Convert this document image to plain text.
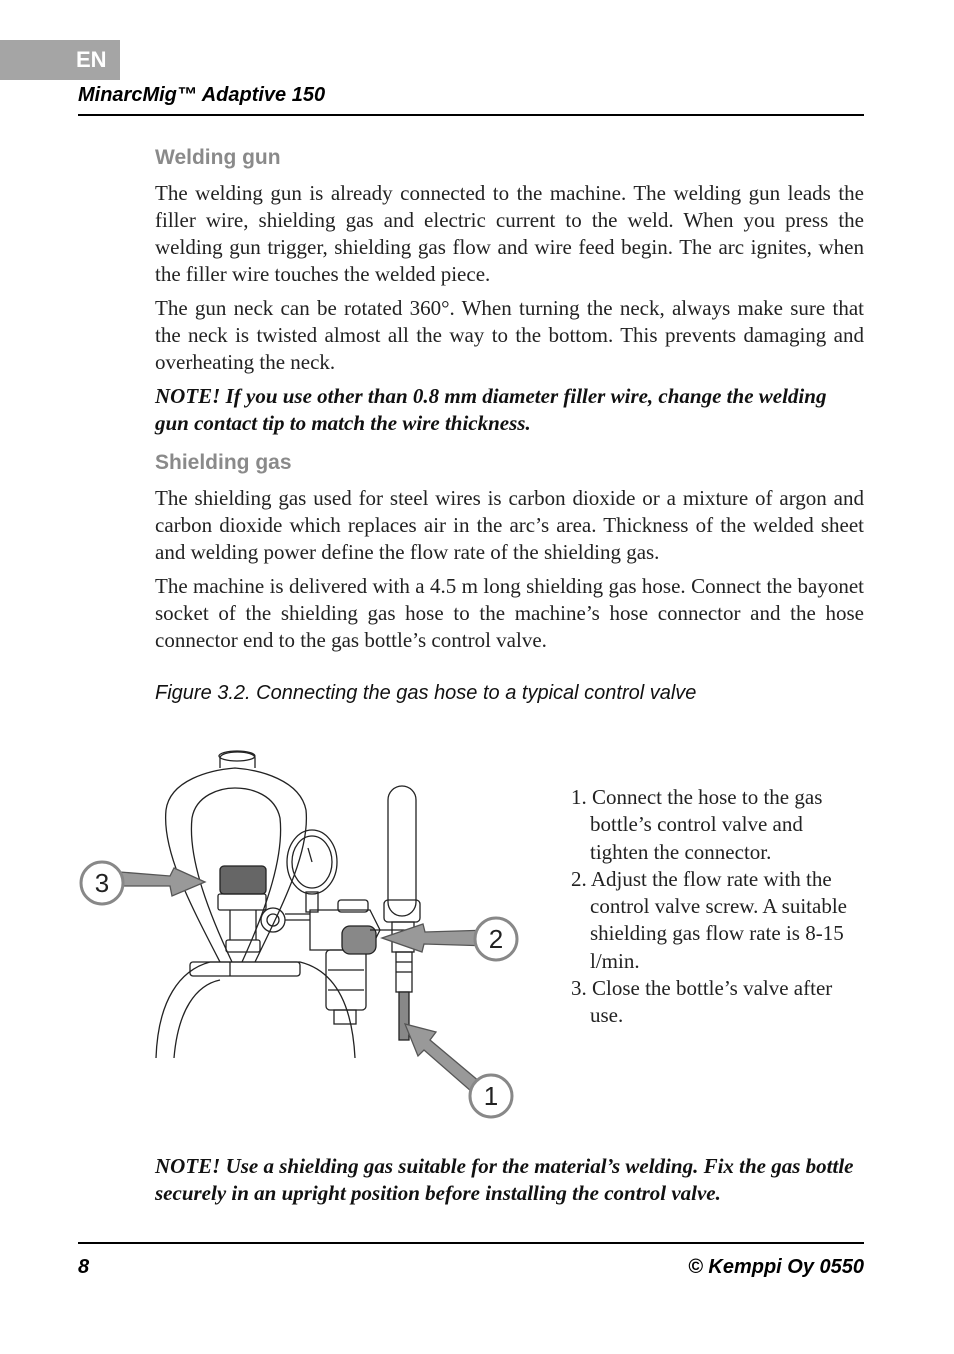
EN
MinarcMig™ Adaptive 150
Welding gun

The welding gun is already connected to the machine. The welding gun leads the filler wire, shielding gas and electric current to the weld. When you press the welding gun trigger, shielding gas flow and wire feed begin. The arc ignites, when the filler wire touches the welded piece.

The gun neck can be rotated 360°. When turning the neck, always make sure that the neck is twisted almost all the way to the bottom. This prevents damaging and overheating the neck.

NOTE! If you use other than 0.8 mm diameter filler wire, change the welding gun contact tip to match the wire thickness.

Shielding gas

The shielding gas used for steel wires is carbon dioxide or a mixture of argon and carbon dioxide which replaces air in the arc’s area. Thickness of the welded sheet and welding power define the flow rate of the shielding gas.

The machine is delivered with a 4.5 m long shielding gas hose. Connect the bayonet socket of the shielding gas hose to the machine’s hose connector and the hose connector end to the gas bottle’s control valve.

Figure 3.2. Connecting the gas hose to a typical control valve
3
2
1
1. Connect the hose to the gas bottle’s control valve and tighten the connector.
2. Adjust the flow rate with the control valve screw. A suitable shielding gas flow rate is 8-15 l/min.
3. Close the bottle’s valve after use.
NOTE! Use a shielding gas suitable for the material’s welding. Fix the gas bottle securely in an upright position before installing the control valve.
8	© Kemppi Oy 0550
